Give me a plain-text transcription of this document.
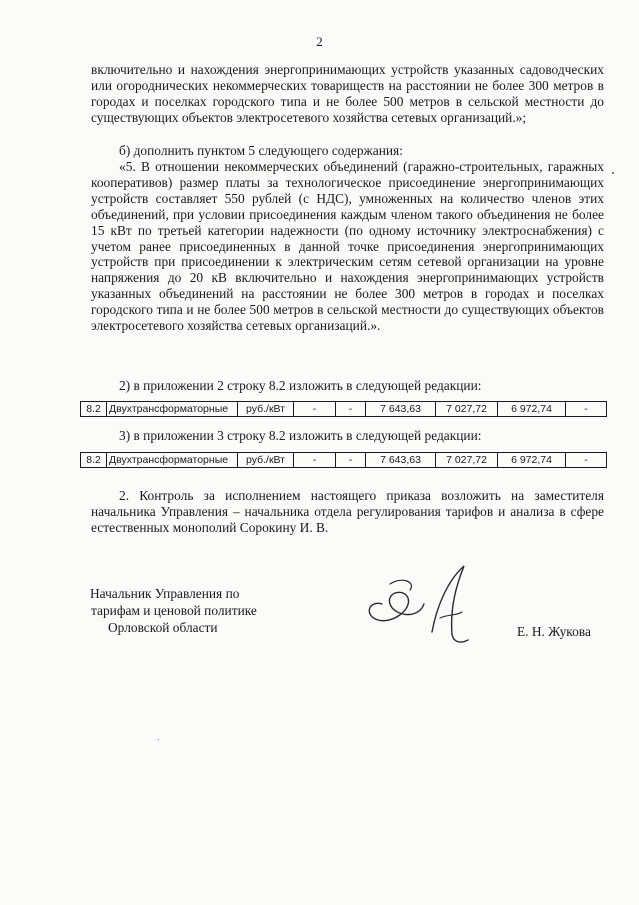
2

включительно и нахождения энергопринимающих устройств указанных садоводческих или огороднических некоммерческих товариществ на расстоянии не более 300 метров в городах и поселках городского типа и не более 500 метров в сельской местности до существующих объектов электросетевого хозяйства сетевых организаций.»;

б) дополнить пунктом 5 следующего содержания:

«5. В отношении некоммерческих объединений (гаражно-строительных, гаражных кооперативов) размер платы за технологическое присоединение энергопринимающих устройств составляет 550 рублей (с НДС), умноженных на количество членов этих объединений, при условии присоединения каждым членом такого объединения не более 15 кВт по третьей категории надежности (по одному источнику электроснабжения) с учетом ранее присоединенных в данной точке присоединения энергопринимающих устройств при присоединении к электрическим сетям сетевой организации на уровне напряжения до 20 кВ включительно и нахождения энергопринимающих устройств указанных объединений на расстоянии не более 300 метров в городах и поселках городского типа и не более 500 метров в сельской местности до существующих объектов электросетевого хозяйства сетевых организаций.».

2) в приложении 2 строку 8.2 изложить в следующей редакции:

8.2	Двухтрансформаторные	руб./кВт	-	-	7 643,63	7 027,72	6 972,74	-

3) в приложении 3 строку 8.2 изложить в следующей редакции:

8.2	Двухтрансформаторные	руб./кВт	-	-	7 643,63	7 027,72	6 972,74	-

2. Контроль за исполнением настоящего приказа возложить на заместителя начальника Управления – начальника отдела регулирования тарифов и анализа в сфере естественных монополий Сорокину И. В.

Начальник Управления по
тарифам и ценовой политике
Орловской области	Е. Н. Жукова
